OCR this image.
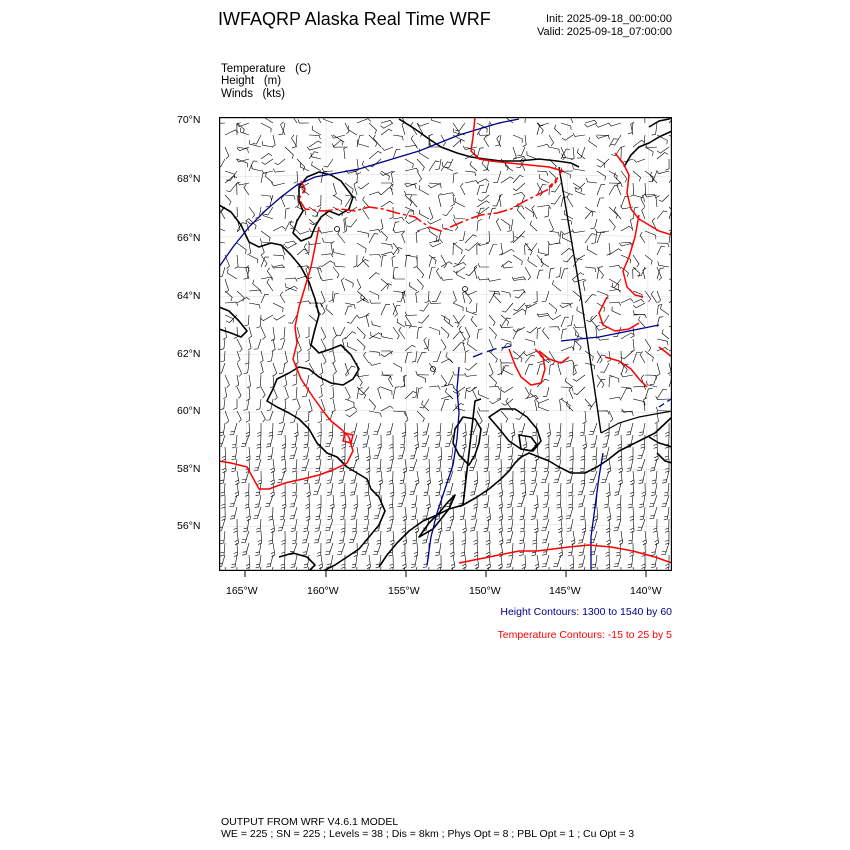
IWFAQRP Alaska Real Time WRF	Init: 2025-09-18_00:00:00
Valid: 2025-09-18_07:00:00
Temperature (C)
Height (m)
Winds (kts)
70°N
68°N
66°N
64°N
62°N
60°N
58°N
56°N
165°W	160°W	155°W	150°W	145°W	140°W
Height Contours: 1300 to 1540 by 60
Temperature Contours: -15 to 25 by 5
OUTPUT FROM WRF V4.6.1 MODEL
WE = 225 ; SN = 225 ; Levels = 38 ; Dis = 8km ; Phys Opt = 8 ; PBL Opt = 1 ; Cu Opt = 3
